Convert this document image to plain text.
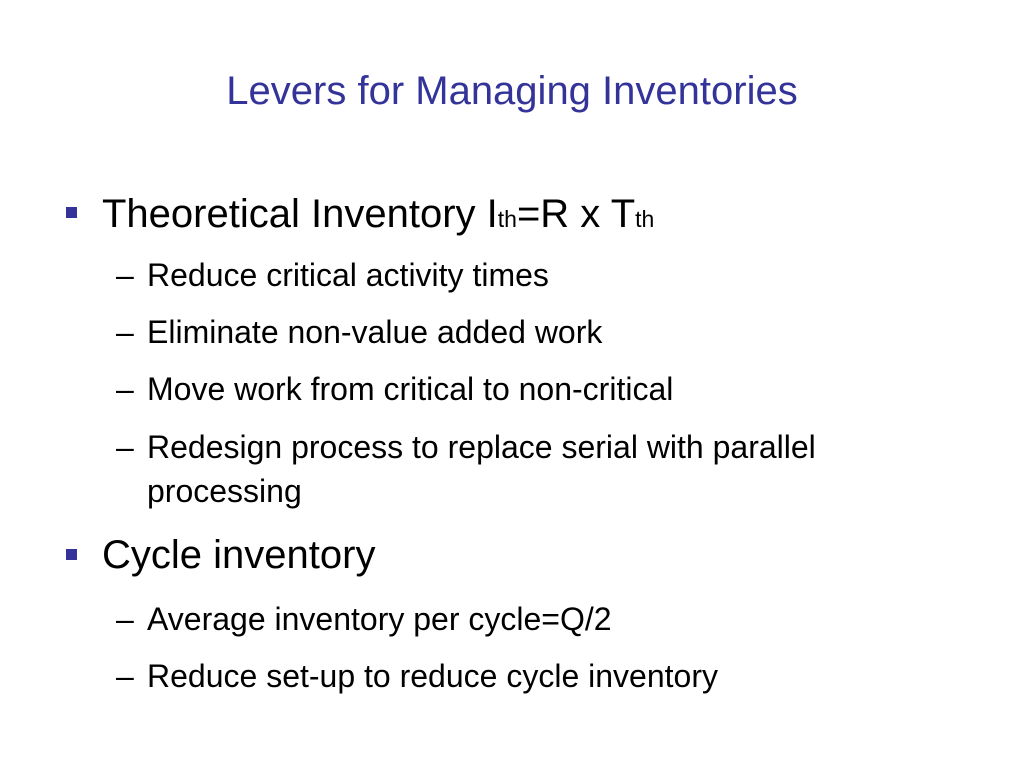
Levers for Managing Inventories
Theoretical Inventory Ith=R x Tth
– Reduce critical activity times
– Eliminate non-value added work
– Move work from critical to non-critical
– Redesign process to replace serial with parallel processing
Cycle inventory
– Average inventory per cycle=Q/2
– Reduce set-up to reduce cycle inventory
